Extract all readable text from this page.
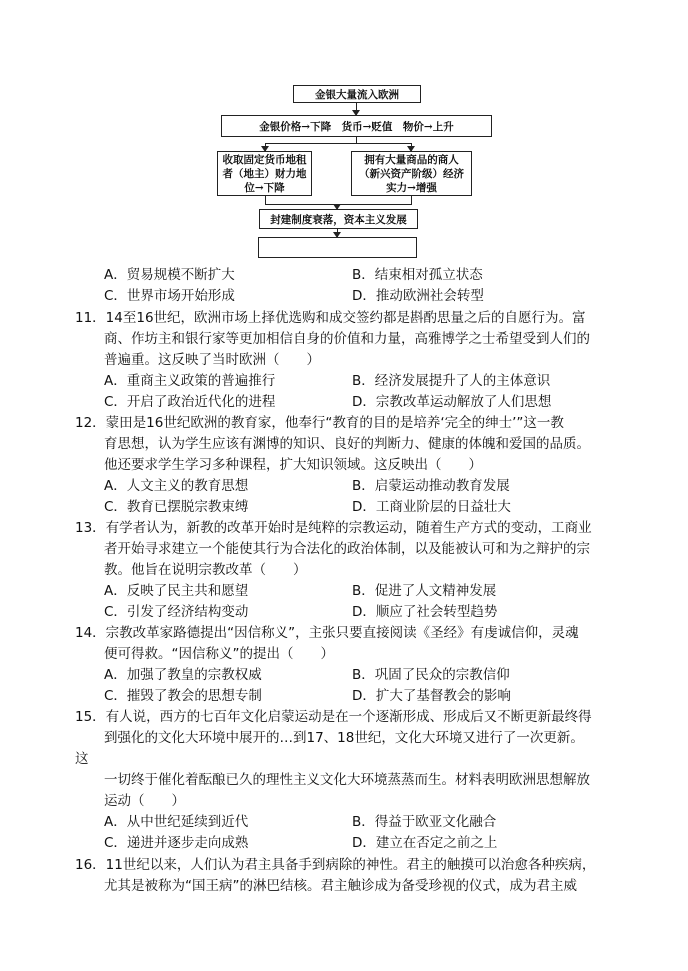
金银大量流入欧洲
金银价格→下降　货币→贬值　物价→上升
收取固定货币地租者（地主）财力地位→下降
拥有大量商品的商人（新兴资产阶级）经济实力→增强
封建制度衰落，资本主义发展
A．贸易规模不断扩大	B．结束相对孤立状态
C．世界市场开始形成	D．推动欧洲社会转型
11．14至16世纪，欧洲市场上择优选购和成交签约都是斟酌思量之后的自愿行为。富
商、作坊主和银行家等更加相信自身的价值和力量，高雅博学之士希望受到人们的
普遍重。这反映了当时欧洲（　　）
A．重商主义政策的普遍推行	B．经济发展提升了人的主体意识
C．开启了政治近代化的进程	D．宗教改革运动解放了人们思想
12．蒙田是16世纪欧洲的教育家，他奉行“教育的目的是培养‘完全的绅士’”这一教
育思想，认为学生应该有渊博的知识、良好的判断力、健康的体魄和爱国的品质。
他还要求学生学习多种课程，扩大知识领域。这反映出（　　）
A．人文主义的教育思想	B．启蒙运动推动教育发展
C．教育已摆脱宗教束缚	D．工商业阶层的日益壮大
13．有学者认为，新教的改革开始时是纯粹的宗教运动，随着生产方式的变动，工商业
者开始寻求建立一个能使其行为合法化的政治体制，以及能被认可和为之辩护的宗
教。他旨在说明宗教改革（　　）
A．反映了民主共和愿望	B．促进了人文精神发展
C．引发了经济结构变动	D．顺应了社会转型趋势
14．宗教改革家路德提出“因信称义”，主张只要直接阅读《圣经》有虔诚信仰，灵魂
便可得救。“因信称义”的提出（　　）
A．加强了教皇的宗教权威	B．巩固了民众的宗教信仰
C．摧毁了教会的思想专制	D．扩大了基督教会的影响
15．有人说，西方的七百年文化启蒙运动是在一个逐渐形成、形成后又不断更新最终得
到强化的文化大环境中展开的…到17、18世纪，文化大环境又进行了一次更新。
这
一切终于催化着酝酿已久的理性主义文化大环境蒸蒸而生。材料表明欧洲思想解放
运动（　　）
A．从中世纪延续到近代	B．得益于欧亚文化融合
C．递进并逐步走向成熟	D．建立在否定之前之上
16．11世纪以来，人们认为君主具备手到病除的神性。君主的触摸可以治愈各种疾病，
尤其是被称为“国王病”的淋巴结核。君主触诊成为备受珍视的仪式，成为君主威
